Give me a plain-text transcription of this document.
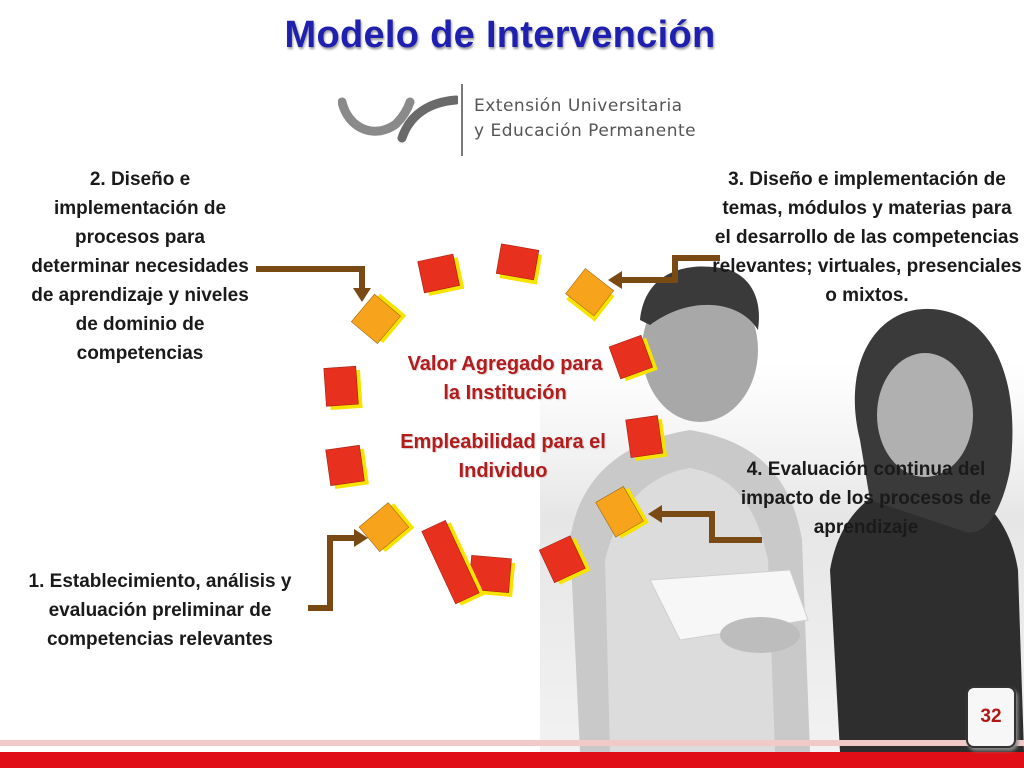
Modelo de Intervención
Extensión Universitaria
y Educación Permanente
2. Diseño e implementación de procesos para determinar necesidades de aprendizaje y niveles de dominio de competencias
3. Diseño e implementación de temas, módulos y materias para el desarrollo de las competencias relevantes; virtuales, presenciales o mixtos.
4. Evaluación continua del impacto de los procesos de aprendizaje
1. Establecimiento, análisis y evaluación preliminar de competencias relevantes
Valor Agregado para la Institución
Empleabilidad para el Individuo
32
